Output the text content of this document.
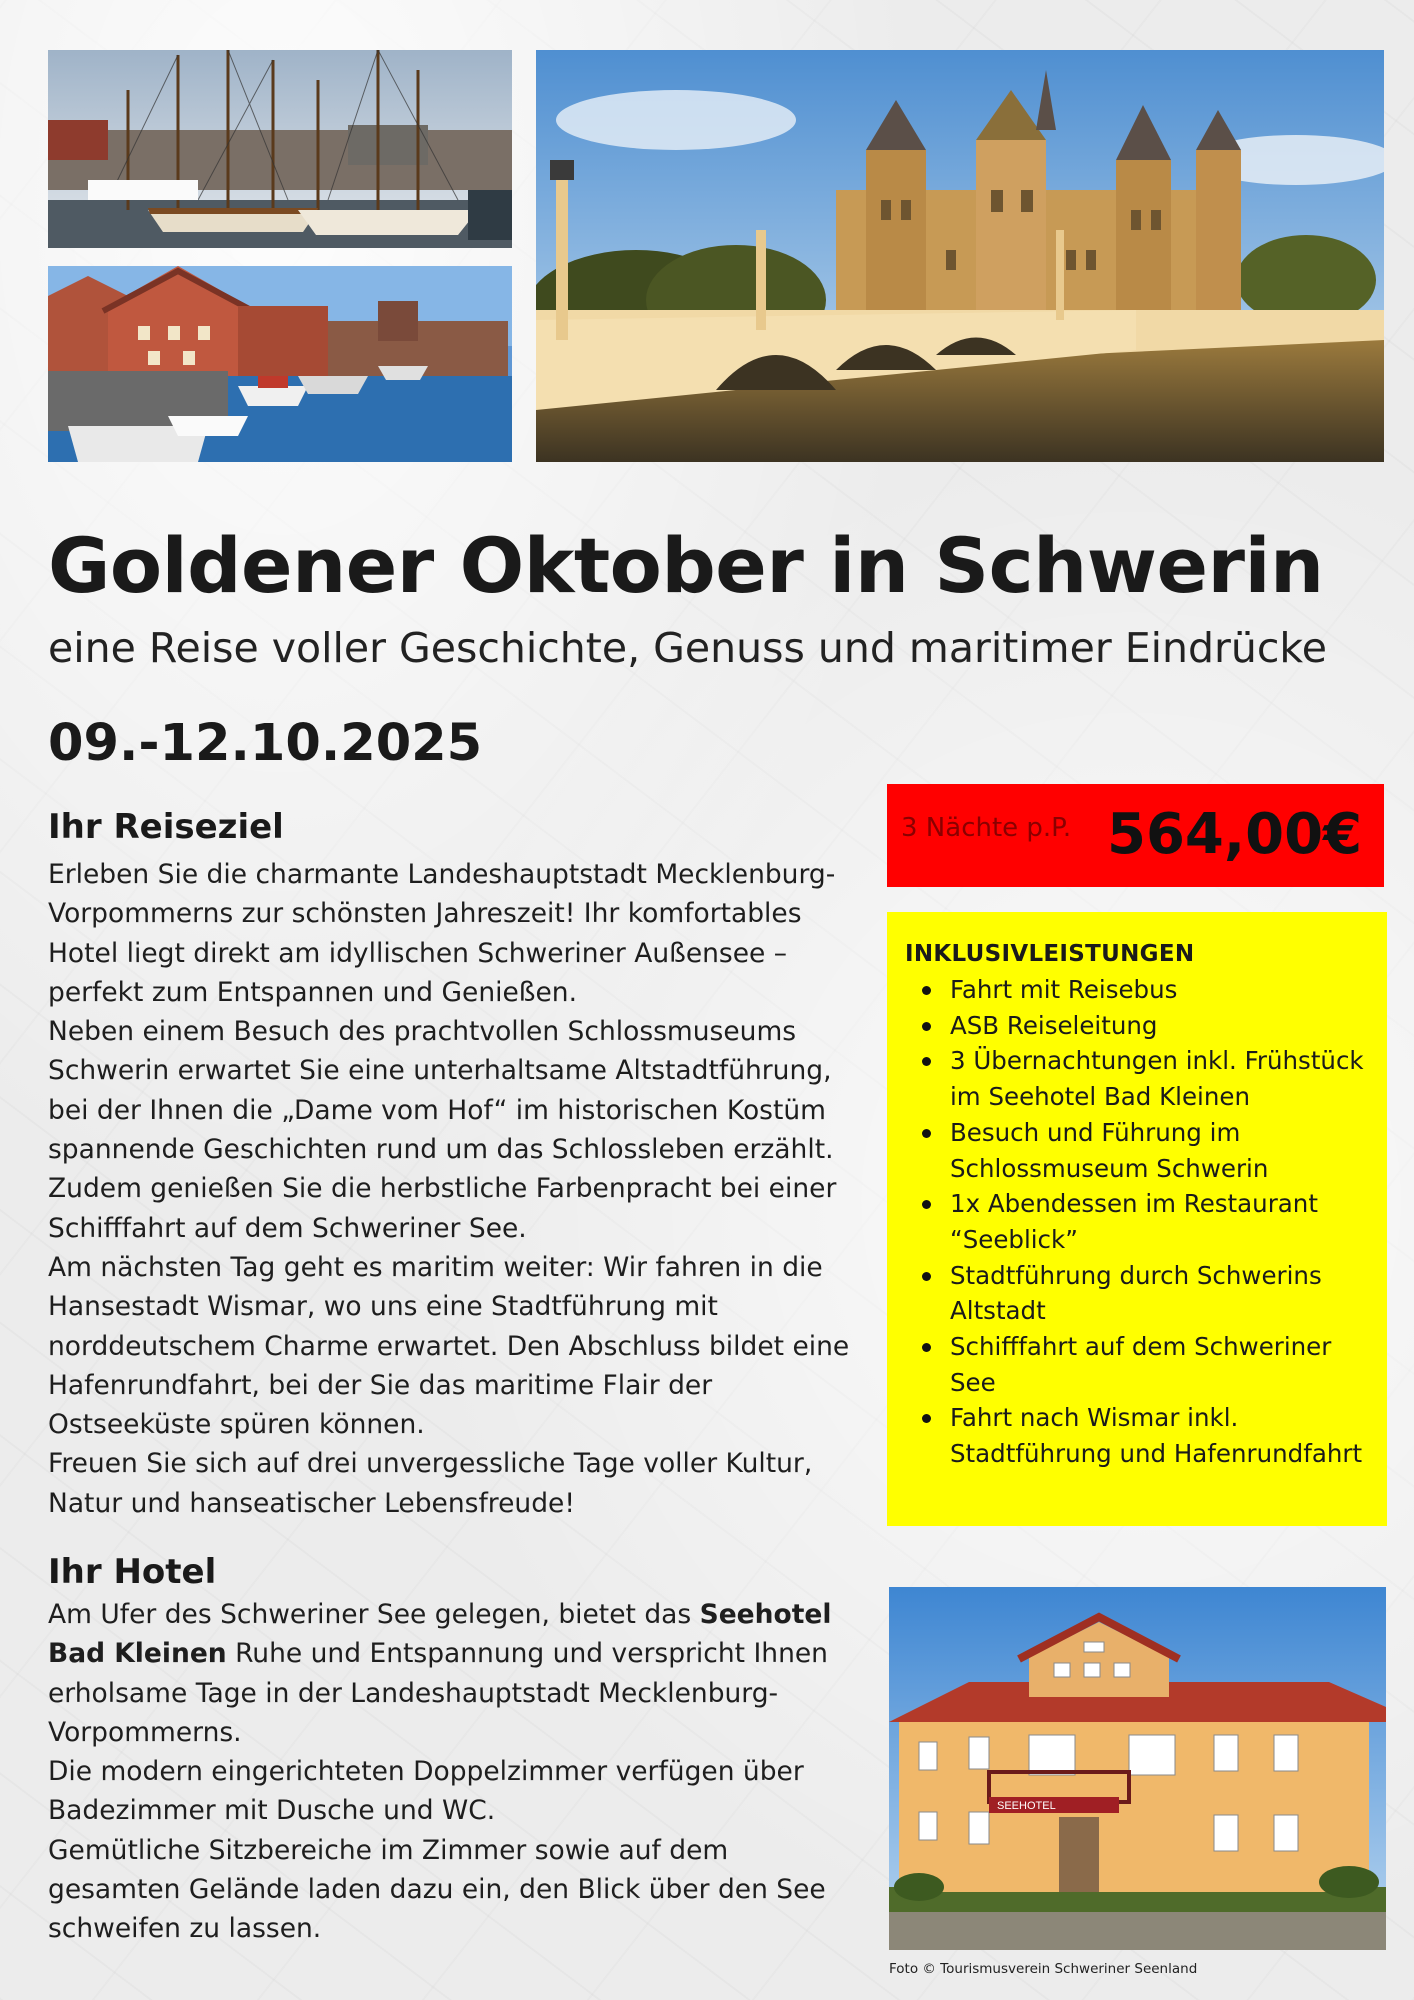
Goldener Oktober in Schwerin
eine Reise voller Geschichte, Genuss und maritimer Eindrücke
09.-12.10.2025
Ihr Reiseziel

Erleben Sie die charmante Landeshauptstadt Mecklenburg-

Vorpommerns zur schönsten Jahreszeit! Ihr komfortables

Hotel liegt direkt am idyllischen Schweriner Außensee –

perfekt zum Entspannen und Genießen.

Neben einem Besuch des prachtvollen Schlossmuseums

Schwerin erwartet Sie eine unterhaltsame Altstadtführung,

bei der Ihnen die „Dame vom Hof“ im historischen Kostüm

spannende Geschichten rund um das Schlossleben erzählt.

Zudem genießen Sie die herbstliche Farbenpracht bei einer

Schifffahrt auf dem Schweriner See.

Am nächsten Tag geht es maritim weiter: Wir fahren in die

Hansestadt Wismar, wo uns eine Stadtführung mit

norddeutschem Charme erwartet. Den Abschluss bildet eine

Hafenrundfahrt, bei der Sie das maritime Flair der

Ostseeküste spüren können.

Freuen Sie sich auf drei unvergessliche Tage voller Kultur,

Natur und hanseatischer Lebensfreude!

Ihr Hotel

Am Ufer des Schweriner See gelegen, bietet das Seehotel

Bad Kleinen Ruhe und Entspannung und verspricht Ihnen

erholsame Tage in der Landeshauptstadt Mecklenburg-

Vorpommerns.

Die modern eingerichteten Doppelzimmer verfügen über

Badezimmer mit Dusche und WC.

Gemütliche Sitzbereiche im Zimmer sowie auf dem

gesamten Gelände laden dazu ein, den Blick über den See

schweifen zu lassen.

3 Nächte p.P. 564,00€
INKLUSIVLEISTUNGEN
Fahrt mit Reisebus
ASB Reiseleitung
3 Übernachtungen inkl. Frühstück
im Seehotel Bad Kleinen
Besuch und Führung im
Schlossmuseum Schwerin
1x Abendessen im Restaurant
“Seeblick”
Stadtführung durch Schwerins
Altstadt
Schifffahrt auf dem Schweriner
See
Fahrt nach Wismar inkl.
Stadtführung und Hafenrundfahrt
SEEHOTEL
Foto © Tourismusverein Schweriner Seenland
